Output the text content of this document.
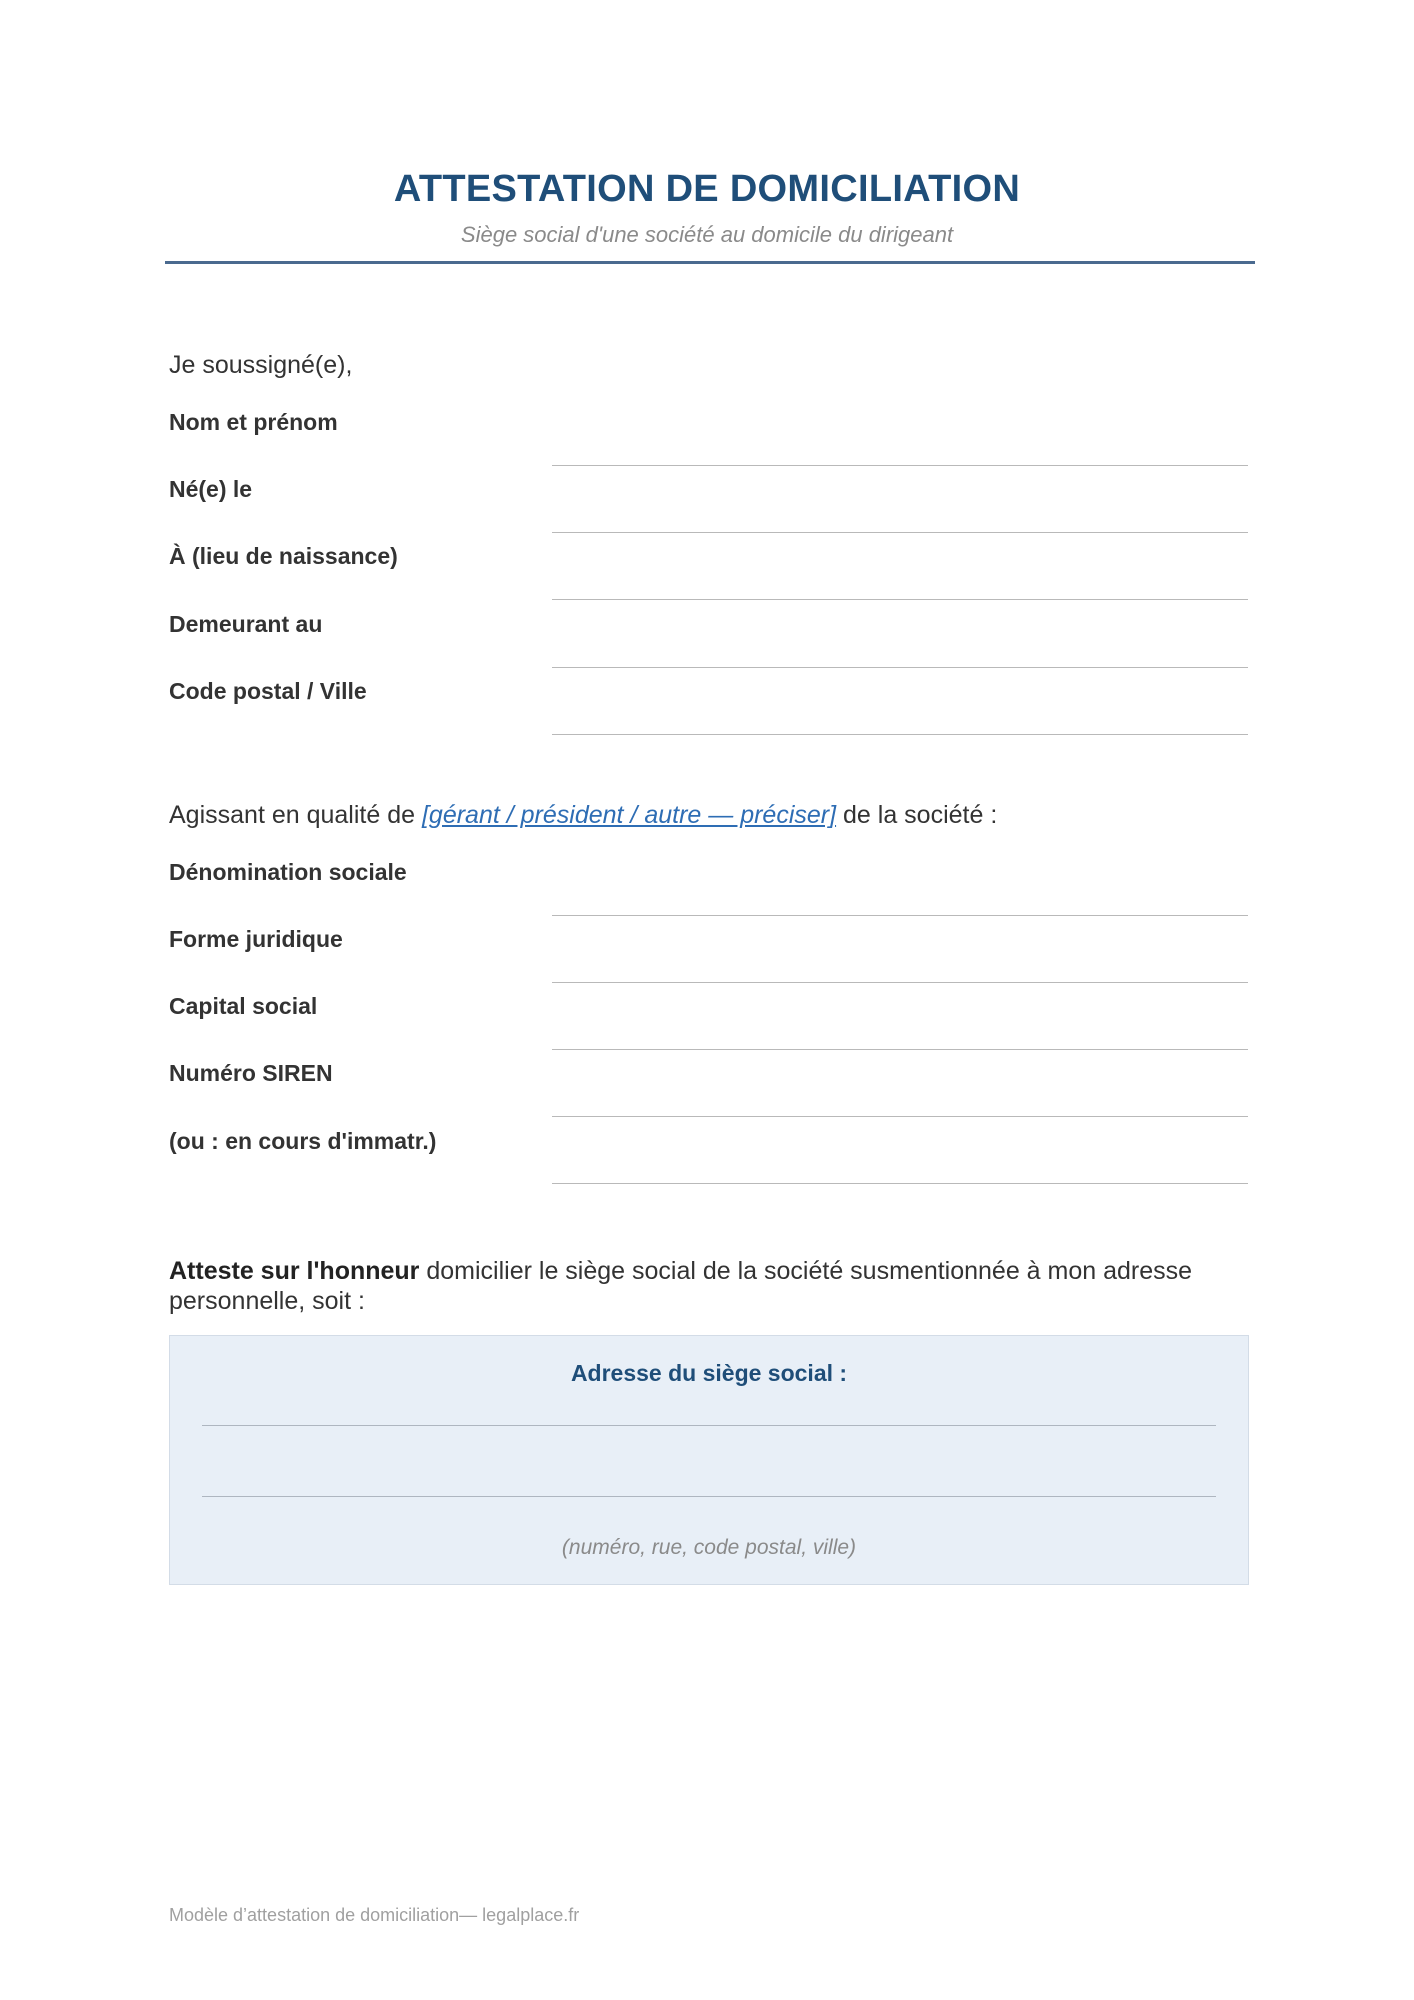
ATTESTATION DE DOMICILIATION
Siège social d'une société au domicile du dirigeant
Je soussigné(e),
Nom et prénom
Né(e) le
À (lieu de naissance)
Demeurant au
Code postal / Ville
Agissant en qualité de [gérant / président / autre — préciser] de la société :
Dénomination sociale
Forme juridique
Capital social
Numéro SIREN
(ou : en cours d'immatr.)
Atteste sur l'honneur domicilier le siège social de la société susmentionnée à mon adresse personnelle, soit :
Adresse du siège social :
(numéro, rue, code postal, ville)
Modèle d’attestation de domiciliation— legalplace.fr
